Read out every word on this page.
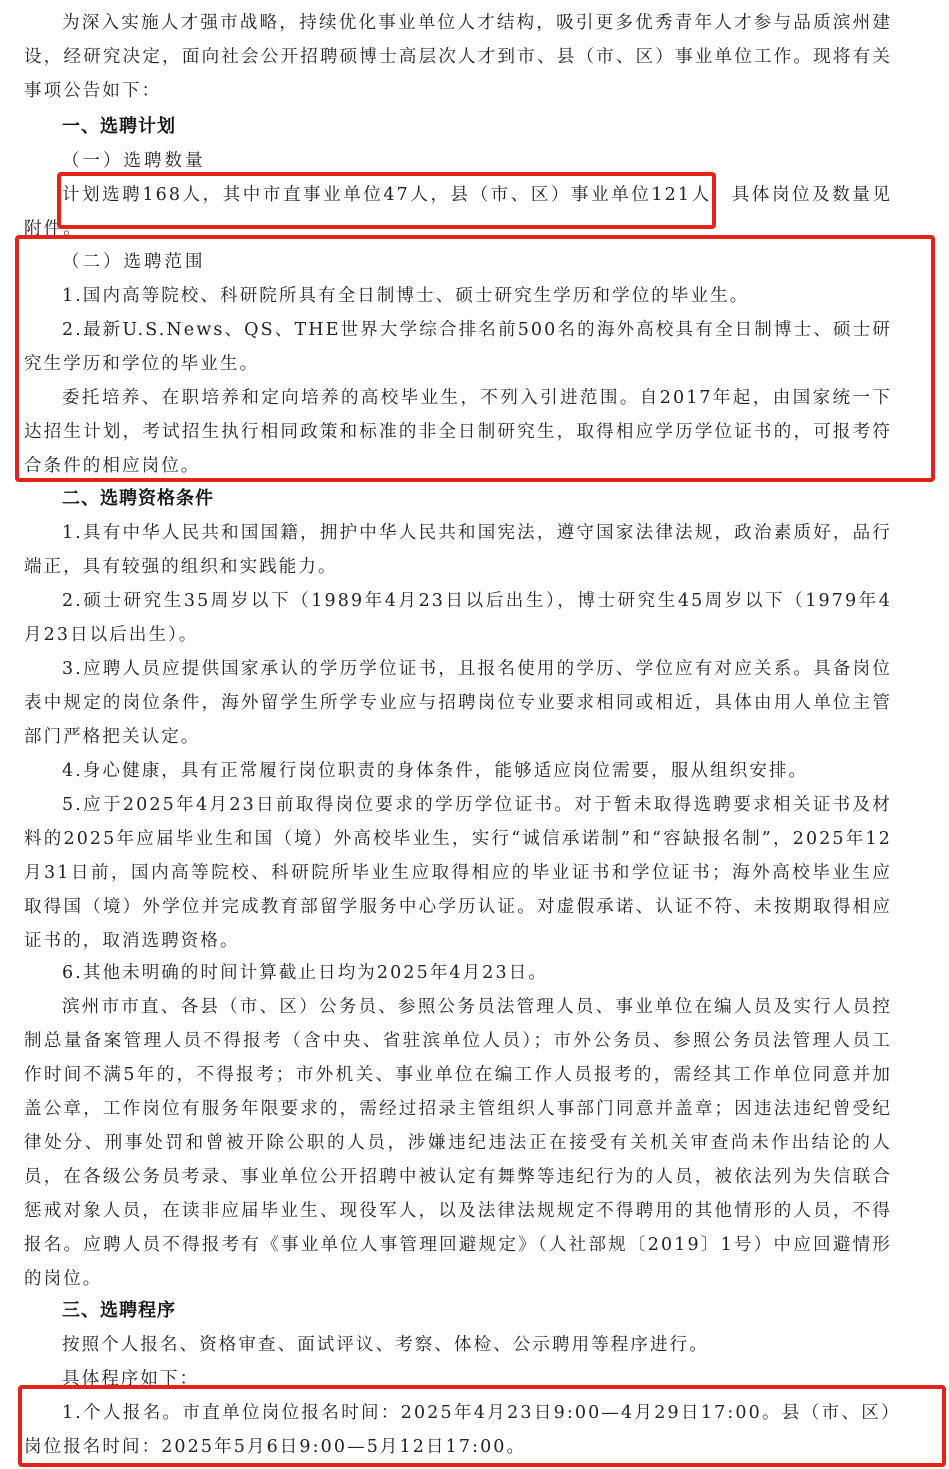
为深入实施人才强市战略，持续优化事业单位人才结构，吸引更多优秀青年人才参与品质滨州建设，经研究决定，面向社会公开招聘硕博士高层次人才到市、县（市、区）事业单位工作。现将有关事项公告如下：
一、选聘计划
（一）选聘数量
计划选聘168人，其中市直事业单位47人，县（市、区）事业单位121人，具体岗位及数量见附件。
（二）选聘范围
1.国内高等院校、科研院所具有全日制博士、硕士研究生学历和学位的毕业生。
2.最新U.S.News、QS、THE世界大学综合排名前500名的海外高校具有全日制博士、硕士研究生学历和学位的毕业生。
委托培养、在职培养和定向培养的高校毕业生，不列入引进范围。自2017年起，由国家统一下达招生计划，考试招生执行相同政策和标准的非全日制研究生，取得相应学历学位证书的，可报考符合条件的相应岗位。
二、选聘资格条件
1.具有中华人民共和国国籍，拥护中华人民共和国宪法，遵守国家法律法规，政治素质好，品行端正，具有较强的组织和实践能力。
2.硕士研究生35周岁以下（1989年4月23日以后出生），博士研究生45周岁以下（1979年4月23日以后出生）。
3.应聘人员应提供国家承认的学历学位证书，且报名使用的学历、学位应有对应关系。具备岗位表中规定的岗位条件，海外留学生所学专业应与招聘岗位专业要求相同或相近，具体由用人单位主管部门严格把关认定。
4.身心健康，具有正常履行岗位职责的身体条件，能够适应岗位需要，服从组织安排。
5.应于2025年4月23日前取得岗位要求的学历学位证书。对于暂未取得选聘要求相关证书及材料的2025年应届毕业生和国（境）外高校毕业生，实行“诚信承诺制”和“容缺报名制”，2025年12月31日前，国内高等院校、科研院所毕业生应取得相应的毕业证书和学位证书；海外高校毕业生应取得国（境）外学位并完成教育部留学服务中心学历认证。对虚假承诺、认证不符、未按期取得相应证书的，取消选聘资格。
6.其他未明确的时间计算截止日均为2025年4月23日。
滨州市市直、各县（市、区）公务员、参照公务员法管理人员、事业单位在编人员及实行人员控制总量备案管理人员不得报考（含中央、省驻滨单位人员）；市外公务员、参照公务员法管理人员工作时间不满5年的，不得报考；市外机关、事业单位在编工作人员报考的，需经其工作单位同意并加盖公章，工作岗位有服务年限要求的，需经过招录主管组织人事部门同意并盖章；因违法违纪曾受纪律处分、刑事处罚和曾被开除公职的人员，涉嫌违纪违法正在接受有关机关审查尚未作出结论的人员，在各级公务员考录、事业单位公开招聘中被认定有舞弊等违纪行为的人员，被依法列为失信联合惩戒对象人员，在读非应届毕业生、现役军人，以及法律法规规定不得聘用的其他情形的人员，不得报名。应聘人员不得报考有《事业单位人事管理回避规定》（人社部规〔2019〕1号）中应回避情形的岗位。
三、选聘程序
按照个人报名、资格审查、面试评议、考察、体检、公示聘用等程序进行。
具体程序如下：
1.个人报名。市直单位岗位报名时间：2025年4月23日9:00—4月29日17:00。县（市、区）岗位报名时间：2025年5月6日9:00—5月12日17:00。
